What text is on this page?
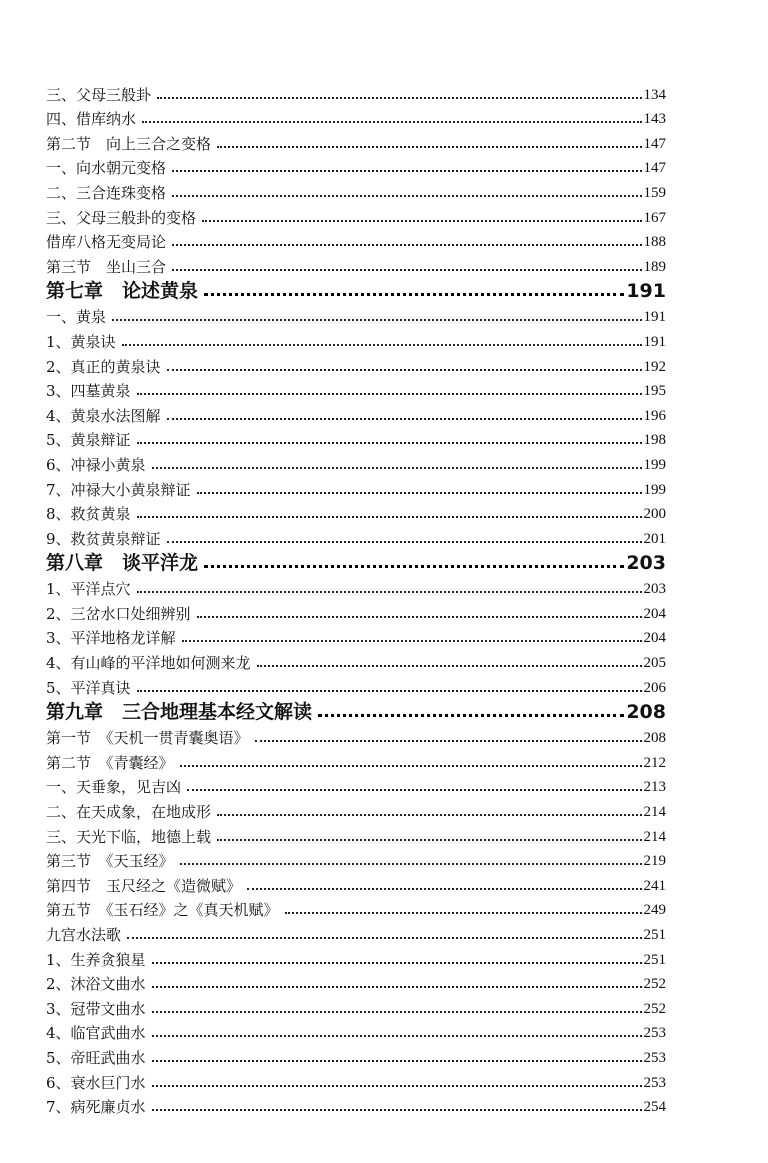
三、父母三般卦	134
四、借库纳水	143
第二节　向上三合之变格	147
一、向水朝元变格	147
二、三合连珠变格	159
三、父母三般卦的变格	167
借库八格无变局论	188
第三节　坐山三合	189
第七章　论述黄泉	191
一、黄泉	191
1、黄泉诀	191
2、真正的黄泉诀	192
3、四墓黄泉	195
4、黄泉水法图解	196
5、黄泉辩证	198
6、冲禄小黄泉	199
7、冲禄大小黄泉辩证	199
8、救贫黄泉	200
9、救贫黄泉辩证	201
第八章　谈平洋龙	203
1、平洋点穴	203
2、三岔水口处细辨别	204
3、平洋地格龙详解	204
4、有山峰的平洋地如何测来龙	205
5、平洋真诀	206
第九章　三合地理基本经文解读	208
第一节　《天机一贯青囊奥语》	208
第二节　《青囊经》	212
一、天垂象，见吉凶	213
二、在天成象，在地成形	214
三、天光下临，地德上载	214
第三节　《天玉经》	219
第四节　玉尺经之《造微赋》	241
第五节　《玉石经》之《真天机赋》	249
九宫水法歌	251
1、生养贪狼星	251
2、沐浴文曲水	252
3、冠带文曲水	252
4、临官武曲水	253
5、帝旺武曲水	253
6、衰水巨门水	253
7、病死廉贞水	254
